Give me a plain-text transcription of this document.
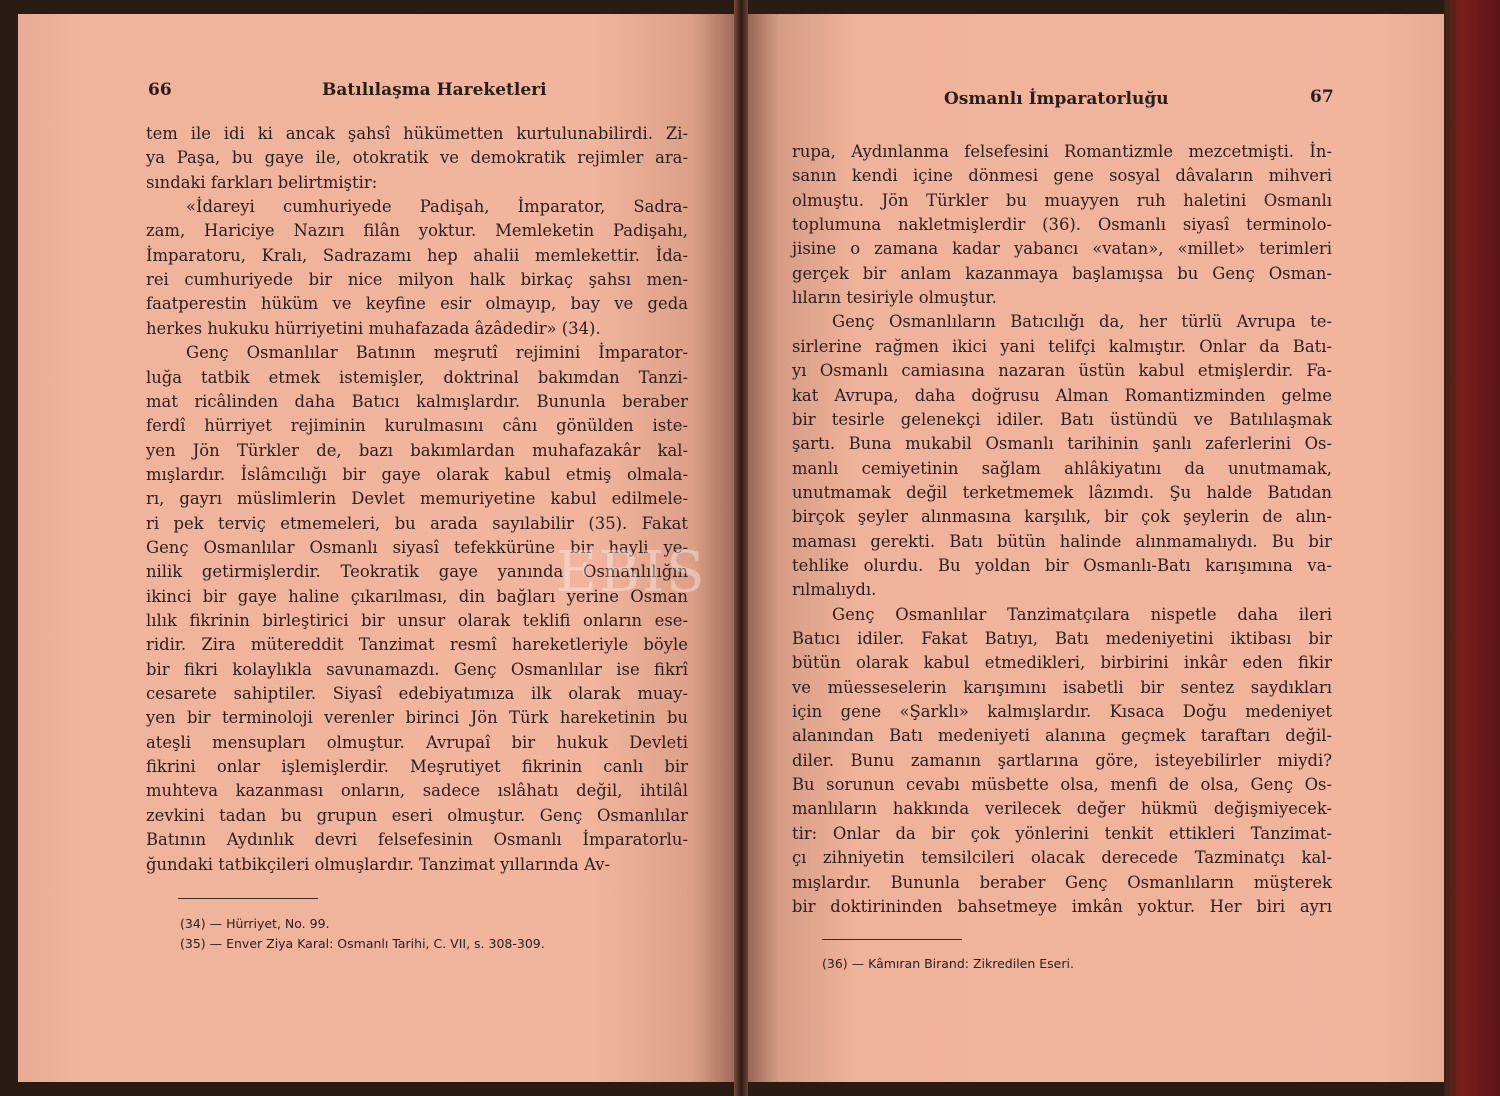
66	Batılılaşma Hareketleri	Osmanlı İmparatorluğu	67
tem ile idi ki ancak şahsî hükümetten kurtulunabilirdi. Zi-
ya Paşa, bu gaye ile, otokratik ve demokratik rejimler ara-
sındaki farkları belirtmiştir:
«İdareyi cumhuriyede Padişah, İmparator, Sadra-
zam, Hariciye Nazırı filân yoktur. Memleketin Padişahı,
İmparatoru, Kralı, Sadrazamı hep ahalii memlekettir. İda-
rei cumhuriyede bir nice milyon halk birkaç şahsı men-
faatperestin hüküm ve keyfine esir olmayıp, bay ve geda
herkes hukuku hürriyetini muhafazada âzâdedir» (34).
Genç Osmanlılar Batının meşrutî rejimini İmparator-
luğa tatbik etmek istemişler, doktrinal bakımdan Tanzi-
mat ricâlinden daha Batıcı kalmışlardır. Bununla beraber
ferdî hürriyet rejiminin kurulmasını cânı gönülden iste-
yen Jön Türkler de, bazı bakımlardan muhafazakâr kal-
mışlardır. İslâmcılığı bir gaye olarak kabul etmiş olmala-
rı, gayrı müslimlerin Devlet memuriyetine kabul edilmele-
ri pek terviç etmemeleri, bu arada sayılabilir (35). Fakat
Genç Osmanlılar Osmanlı siyasî tefekkürüne bir hayli ye-
nilik getirmişlerdir. Teokratik gaye yanında Osmanlılığın
ikinci bir gaye haline çıkarılması, din bağları yerine Osman
lılık fikrinin birleştirici bir unsur olarak teklifi onların ese-
ridir. Zira mütereddit Tanzimat resmî hareketleriyle böyle
bir fikri kolaylıkla savunamazdı. Genç Osmanlılar ise fikrî
cesarete sahiptiler. Siyasî edebiyatımıza ilk olarak muay-
yen bir terminoloji verenler birinci Jön Türk hareketinin bu
ateşli mensupları olmuştur. Avrupaî bir hukuk Devleti
fikrini onlar işlemişlerdir. Meşrutiyet fikrinin canlı bir
muhteva kazanması onların, sadece ıslâhatı değil, ihtilâl
zevkini tadan bu grupun eseri olmuştur. Genç Osmanlılar
Batının Aydınlık devri felsefesinin Osmanlı İmparatorlu-
ğundaki tatbikçileri olmuşlardır. Tanzimat yıllarında Av-
rupa, Aydınlanma felsefesini Romantizmle mezcetmişti. İn-
sanın kendi içine dönmesi gene sosyal dâvaların mihveri
olmuştu. Jön Türkler bu muayyen ruh haletini Osmanlı
toplumuna nakletmişlerdir (36). Osmanlı siyasî terminolo-
jisine o zamana kadar yabancı «vatan», «millet» terimleri
gerçek bir anlam kazanmaya başlamışsa bu Genç Osman-
lıların tesiriyle olmuştur.
Genç Osmanlıların Batıcılığı da, her türlü Avrupa te-
sirlerine rağmen ikici yani telifçi kalmıştır. Onlar da Batı-
yı Osmanlı camiasına nazaran üstün kabul etmişlerdir. Fa-
kat Avrupa, daha doğrusu Alman Romantizminden gelme
bir tesirle gelenekçi idiler. Batı üstündü ve Batılılaşmak
şartı. Buna mukabil Osmanlı tarihinin şanlı zaferlerini Os-
manlı cemiyetinin sağlam ahlâkiyatını da unutmamak,
unutmamak değil terketmemek lâzımdı. Şu halde Batıdan
birçok şeyler alınmasına karşılık, bir çok şeylerin de alın-
maması gerekti. Batı bütün halinde alınmamalıydı. Bu bir
tehlike olurdu. Bu yoldan bir Osmanlı-Batı karışımına va-
rılmalıydı.
Genç Osmanlılar Tanzimatçılara nispetle daha ileri
Batıcı idiler. Fakat Batıyı, Batı medeniyetini iktibası bir
bütün olarak kabul etmedikleri, birbirini inkâr eden fikir
ve müesseselerin karışımını isabetli bir sentez saydıkları
için gene «Şarklı» kalmışlardır. Kısaca Doğu medeniyet
alanından Batı medeniyeti alanına geçmek taraftarı değil-
diler. Bunu zamanın şartlarına göre, isteyebilirler miydi?
Bu sorunun cevabı müsbette olsa, menfi de olsa, Genç Os-
manlıların hakkında verilecek değer hükmü değişmiyecek-
tir: Onlar da bir çok yönlerini tenkit ettikleri Tanzimat-
çı zihniyetin temsilcileri olacak derecede Tazminatçı kal-
mışlardır. Bununla beraber Genç Osmanlıların müşterek
bir doktirininden bahsetmeye imkân yoktur. Her biri ayrı
(34) — Hürriyet, No. 99.
(35) — Enver Ziya Karal: Osmanlı Tarihi, C. VII, s. 308-309.
(36) — Kâmıran Birand: Zikredilen Eseri.
EBIS
